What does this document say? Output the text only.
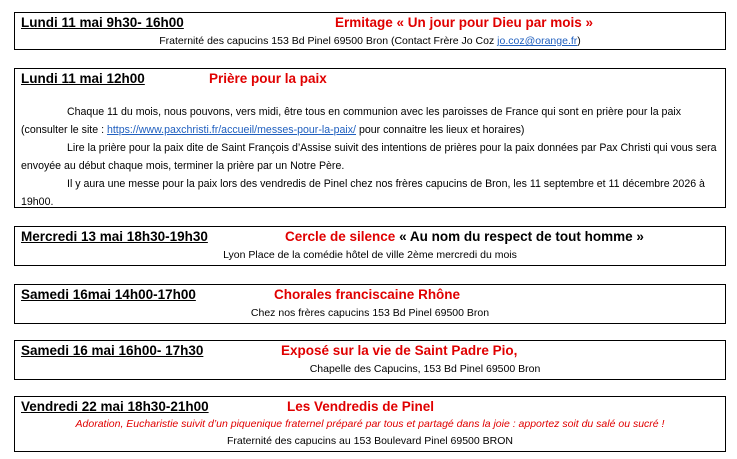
Lundi 11 mai 9h30- 16h00	Ermitage « Un jour pour Dieu par mois »
Fraternité des capucins 153 Bd Pinel 69500 Bron (Contact Frère Jo Coz jo.coz@orange.fr)
Lundi 11 mai 12h00	Prière pour la paix

Chaque 11 du mois, nous pouvons, vers midi, être tous en communion avec les paroisses de France qui sont en prière pour la paix (consulter le site : https://www.paxchristi.fr/accueil/messes-pour-la-paix/ pour connaitre les lieux et horaires)

Lire la prière pour la paix dite de Saint François d’Assise suivit des intentions de prières pour la paix données par Pax Christi qui vous sera envoyée au début chaque mois, terminer la prière par un Notre Père.

Il y aura une messe pour la paix lors des vendredis de Pinel chez nos frères capucins de Bron, les 11 septembre et 11 décembre 2026 à 19h00.

Mercredi 13 mai 18h30-19h30	Cercle de silence « Au nom du respect de tout homme »
Lyon Place de la comédie hôtel de ville 2ème mercredi du mois
Samedi 16mai 14h00-17h00	Chorales franciscaine Rhône
Chez nos frères capucins 153 Bd Pinel 69500 Bron
Samedi 16 mai 16h00- 17h30	Exposé sur la vie de Saint Padre Pio,
Chapelle des Capucins, 153 Bd Pinel 69500 Bron
Vendredi 22 mai 18h30-21h00	Les Vendredis de Pinel
Adoration, Eucharistie suivit d’un piquenique fraternel préparé par tous et partagé dans la joie : apportez soit du salé ou sucré !
Fraternité des capucins au 153 Boulevard Pinel 69500 BRON
